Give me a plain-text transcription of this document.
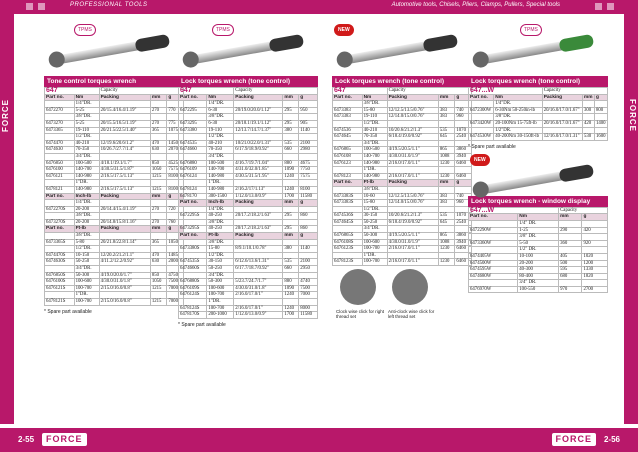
PROFESSIONAL TOOLS	Automotive tools, Chisels, Pliers, Clamps, Pullers, Special tools
FORCE	FORCE
TPMS
Tone control torques wrench
647		Capacity		
Part no.	Nm	Packing	mm	g
	1/4"DR.			
6472270	5-25	20/15.4/16.4/1.19"	270	770
	3/8"DR.			
6473270	5-25	20/15.5/16.5/1.19"	270	775
6473365	19-110	20/21.5/22.5/1.40"	365	1075
	1/2"DR.			
6474470	40-210	12/19.6/20.6/1.2"	470	1450
6474630	70-350	10/26.7/27.7/1.4"	630	2070
	3/4"DR.			
6476850	100-500	4/18.1/19.1/1.7"	850	4525
6476100	140-700	4/30.5/31.5/1.87"	1050	7575
6476121	140-980	2/16.5/17.5/1.13"	1215	8100
	1"DR.			
6478121	140-980	2/16.5/17.5/1.13"	1215	8100
Part no.	Inch-lb	Packing	mm	g
	1/4"DR.			
6472270S	20-200	20/14.4/15.4/1.19"	270	720
	3/8"DR.			
6473270S	20-200	20/14.8/15.8/1.16"	270	760
Part no.	Ft-lb	Packing	mm	g
	3/8"DR.			
6473365S	5-80	20/21.8/22.8/1.14"	365	1050
	1/2"DR.			
6474470S	10-150	12/20.2/21.2/1.1"	470	1485
6474630S	50-250	4/11.2/12.2/0.92"	630	2000
	3/4"DR.			
6476850S	50-300	4/19.0/20.0/1.7"	850	4750
6476100S	100-600	4/30.0/31.0/1.8"	1050	7500
6476121S	100-700	2/15.0/16.0/0.8"	1215	7000
	1"DR.			
6478121S	100-700	2/15.0/16.0/0.8"	1215	7000
* Spare part available
TPMS
Lock torques wrench (tone control)
647		Capacity		
Part no.	Nm	Packing	mm	g
	1/4"DR.			
6472295	6-30	20/19.0/20.0/1.12"	295	950
	3/8"DR.			
6473295	6-30	20/18.1/19.1/1.12"	295	905
6473380	19-110	12/13.7/14.7/1.37"	380	1140
	1/2"DR.			
6474535	40-210	10/21.0/22.0/1.31"	535	2100
6474660	70-350	6/17.9/18.9/0.92"	660	2980
	3/4"DR.			
6476880	100-500	4/16.7/19.7/1.04"	880	4675
6476109	140-700	4/31.0/32.0/1.85"	1090	7750
6476124	140-980	4/30.5/31.5/1.95"	1240	7575
	1"DR.			
6478124	140-980	2/16.2/17/1.13"	1240	8100
6478170	300-1500	1/12.0/13.0/0.9"	1700	11580
Part no.	Inch-lb	Packing	mm	g
	1/4"DR.			
6472295S	40-250	20/17.2/18.2/1.63"	295	860
	3/8"DR.			
6473295S	40-250	20/17.2/18.2/1.63"	295	860
Part no.	Ft-lb	Packing	mm	g
	3/8"DR.			
6473380S	15-80	8/9.1/10.1/0.78"	380	1140
	1/2"DR.			
6474535S	30-150	6/12.6/13.6/1.31"	535	2100
6474660S	50-250	6/17.7/18.7/0.92"	660	2950
	3/4"DR.			
6476880S	50-300	5/23.7/24.7/1.7"	880	4740
6476109S	100-600	4/30.0/31.0/1.8"	1090	7500
6476124S	100-700	2/16.0/17.0/1"	1240	7000
	1"DR.			
6478124S	100-700	2/16.0/17.0/1"	1240	8000
6478170S	200-1000	1/12.0/13.0/0.9"	1700	11580
* Spare part available
NEW
Lock torques wrench (tone control)
647		Capacity		
Part no.	Nm	Packing	mm	g
	3/8"DR.			
6473383	15-80	12/12.5/13.5/0.76"	383	740
6473383	19-110	12/14.0/15.0/0.76"	383	960
	1/2"DR.			
6474536	40-210	10/20.6/21.2/1.3"	535	1070
6474645	70-350	6/18.4/19.0/0.92"	645	2540
	3/4"DR.			
6476865	100-500	4/19.5/20.5/1.1"	865	3860
6476108	140-700	4/30.0/31.0/1.9"	1088	3940
6476123	140-980	2/16.0/17.0/1.1"	1230	6460
	1"DR.			
6478123	140-980	2/16.0/17.0/1.1"	1230	6460
Part no.	Ft-lb	Packing	mm	g
	3/8"DR.			
6473383S	10-60	12/12.5/13.5/0.76"	383	740
6473383S	15-80	12/14.0/15.0/0.76"	383	960
	1/2"DR.			
6474536S	30-150	10/20.6/21.2/1.3"	535	1070
6474645S	50-250	6/18.4/19.0/0.92"	645	2540
	3/4"DR.			
6476865S	50-300	4/19.5/20.5/1.1"	865	3860
6476108S	100-600	4/30.0/31.0/1.9"	1088	3940
6476123S	100-700	2/16.0/17.0/1.1"	1230	6460
	1"DR.			
6478123S	100-700	2/16.0/17.0/1.1"	1230	6460
Clock wise click for right thread set
Anti-clock wise click for left thread set
TPMS
Lock torques wrench (tone control)
647...W		Capacity		
Part no.	Nm	Packing	mm	g
	1/4"DR.			
6472300W	6-30Nm 50-250in-lb	20/16.0/17.0/1.67"	300	800
	3/8"DR.			
6473420W	20-100Nm 15-75ft-lb	20/16.0/17.0/1.67"	420	1400
	1/2"DR.			
6474530W	40-200Nm 30-150ft-lb	12/16.0/17.0/1.31"	530	1600
* Spare part available
NEW
Lock torques wrench - window display
647...W		Capacity	
Part no.	Nm	mm	g
	1/4" DR.		
6472290W	1-25	290	420
	3/8" DR.		
6473360W	5-50	360	920
	1/2" DR.		
6474405W	10-100	405	1020
6474500W	20-200	500	1200
6474595W	40-300	595	1330
6474680W	80-400	680	1820
	3/4" DR.		
6476970W	100-550	970	2700
2-55	FORCE	FORCE	2-56
